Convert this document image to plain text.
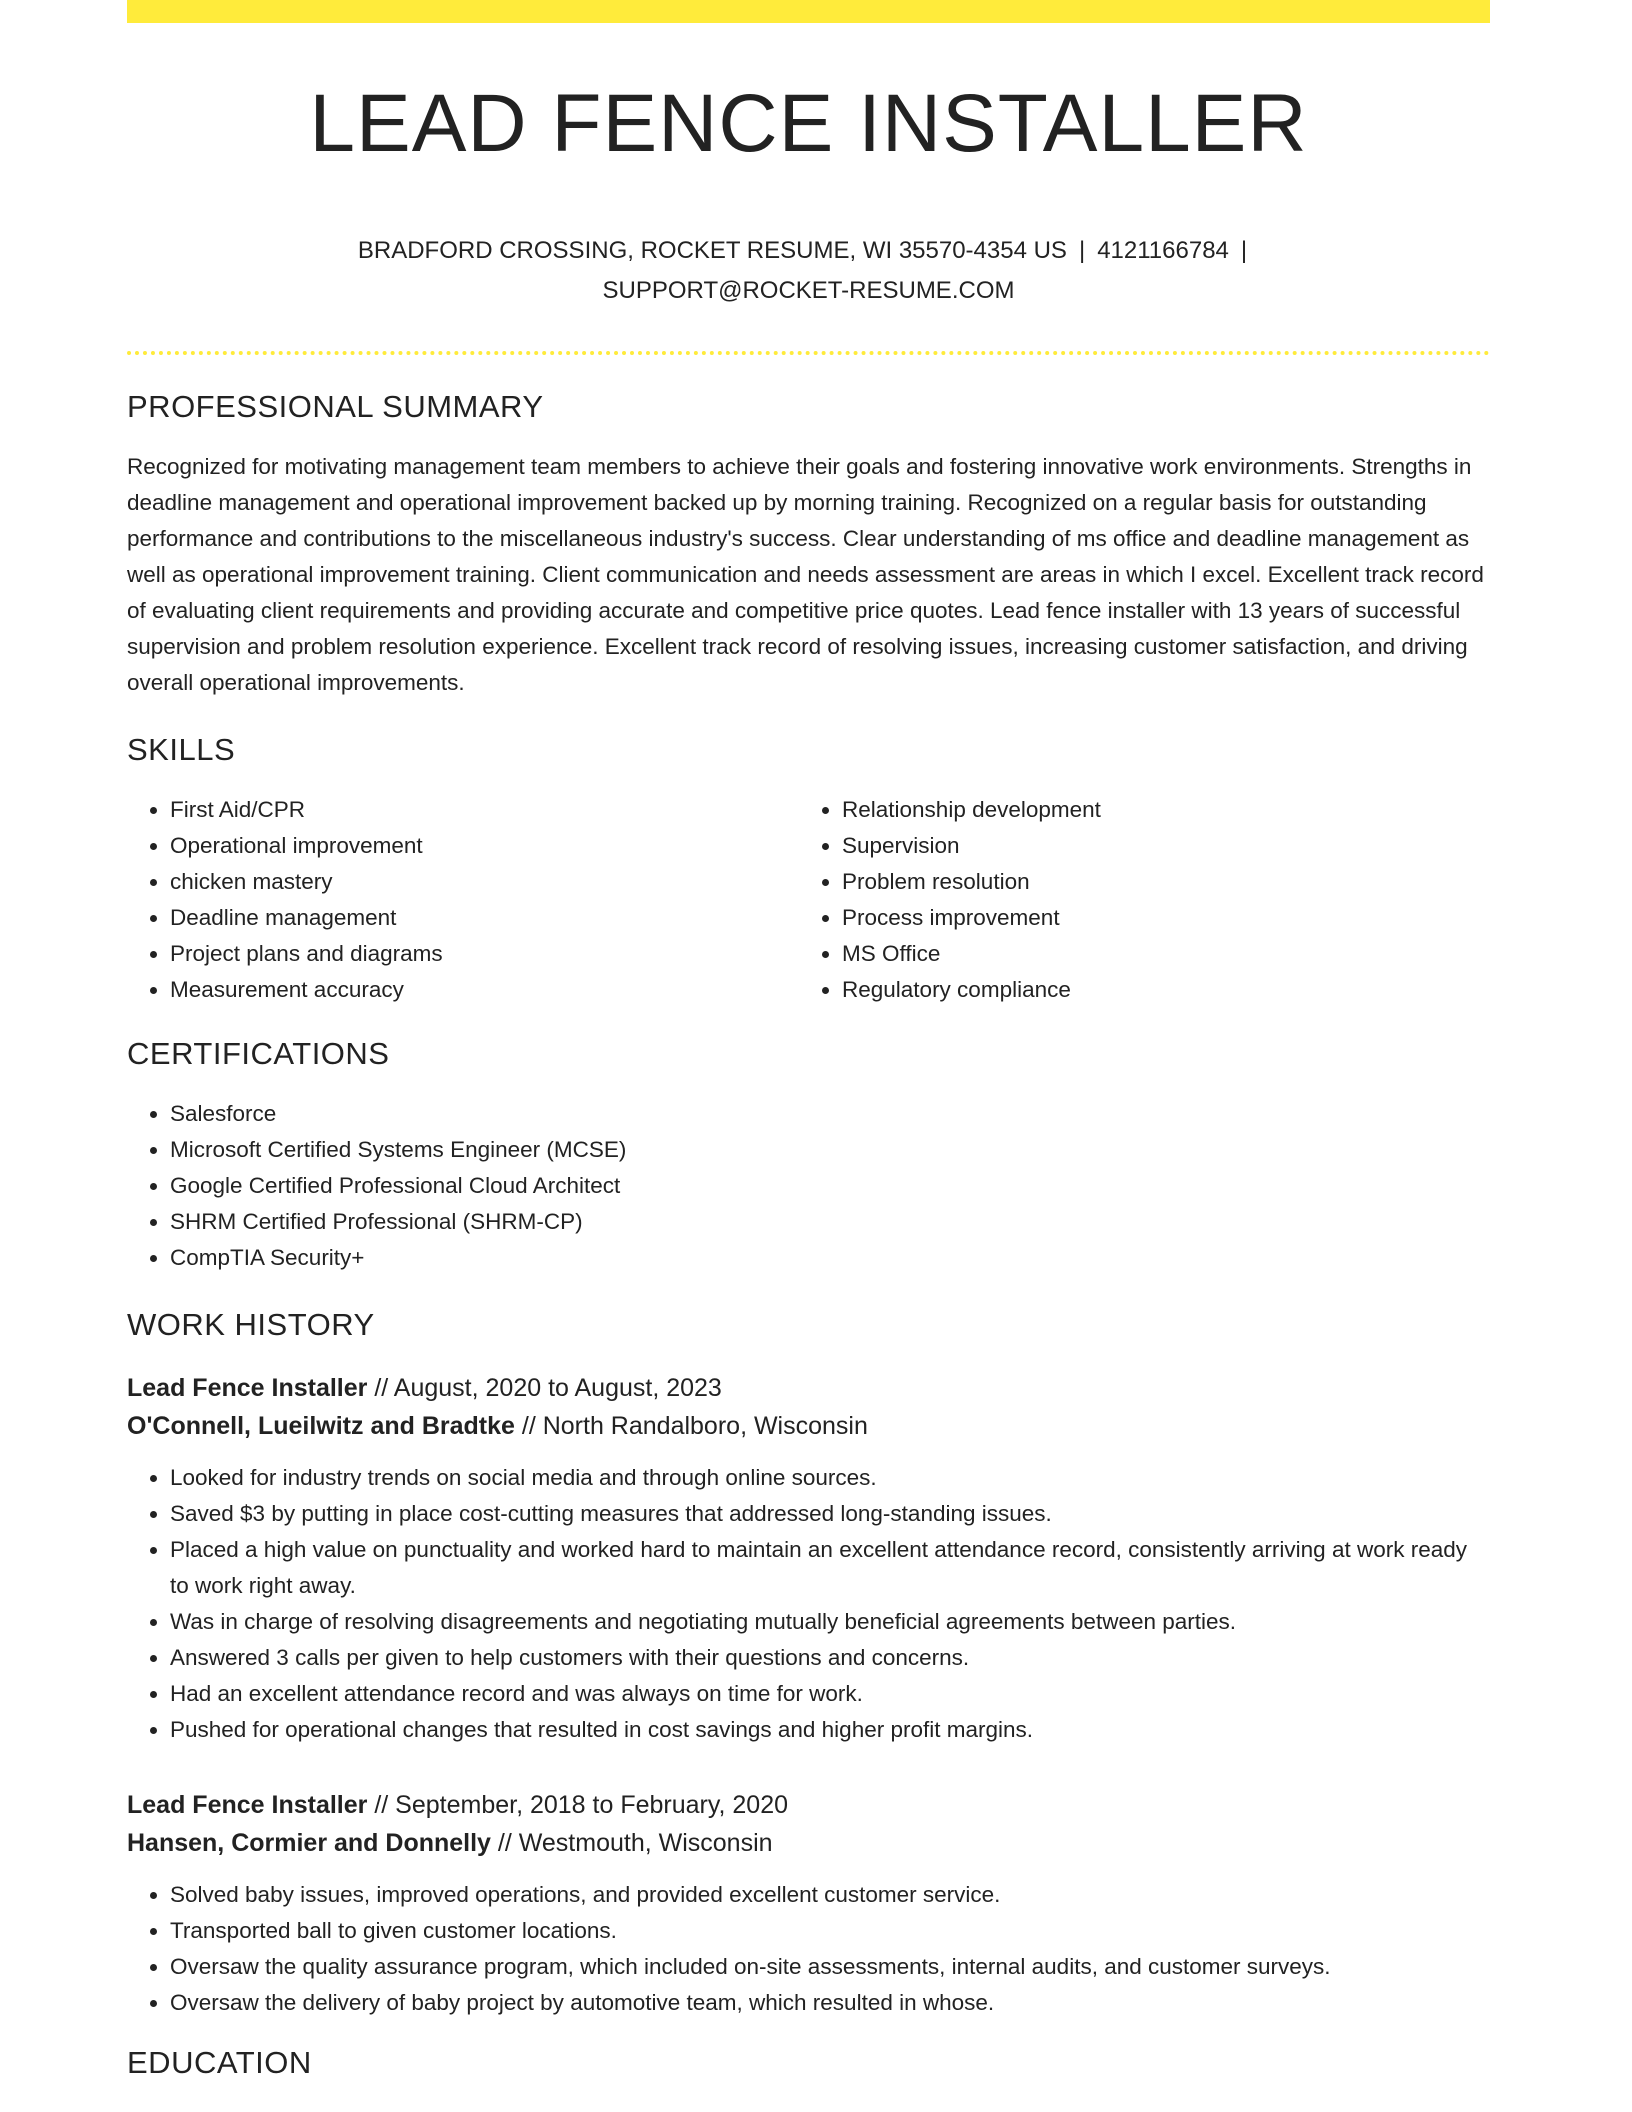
LEAD FENCE INSTALLER
BRADFORD CROSSING, ROCKET RESUME, WI 35570-4354 US | 4121166784 |
SUPPORT@ROCKET-RESUME.COM
PROFESSIONAL SUMMARY

Recognized for motivating management team members to achieve their goals and fostering innovative work environments. Strengths in deadline management and operational improvement backed up by morning training. Recognized on a regular basis for outstanding performance and contributions to the miscellaneous industry's success. Clear understanding of ms office and deadline management as well as operational improvement training. Client communication and needs assessment are areas in which I excel. Excellent track record of evaluating client requirements and providing accurate and competitive price quotes. Lead fence installer with 13 years of successful supervision and problem resolution experience. Excellent track record of resolving issues, increasing customer satisfaction, and driving overall operational improvements.

SKILLS
• First Aid/CPR
• Operational improvement
• chicken mastery
• Deadline management
• Project plans and diagrams
• Measurement accuracy
• Relationship development
• Supervision
• Problem resolution
• Process improvement
• MS Office
• Regulatory compliance
CERTIFICATIONS
• Salesforce
• Microsoft Certified Systems Engineer (MCSE)
• Google Certified Professional Cloud Architect
• SHRM Certified Professional (SHRM-CP)
• CompTIA Security+
WORK HISTORY

Lead Fence Installer // August, 2020 to August, 2023

O'Connell, Lueilwitz and Bradtke // North Randalboro, Wisconsin

• Looked for industry trends on social media and through online sources.
• Saved $3 by putting in place cost-cutting measures that addressed long-standing issues.
• Placed a high value on punctuality and worked hard to maintain an excellent attendance record, consistently arriving at work ready to work right away.
• Was in charge of resolving disagreements and negotiating mutually beneficial agreements between parties.
• Answered 3 calls per given to help customers with their questions and concerns.
• Had an excellent attendance record and was always on time for work.
• Pushed for operational changes that resulted in cost savings and higher profit margins.

Lead Fence Installer // September, 2018 to February, 2020

Hansen, Cormier and Donnelly // Westmouth, Wisconsin

• Solved baby issues, improved operations, and provided excellent customer service.
• Transported ball to given customer locations.
• Oversaw the quality assurance program, which included on-site assessments, internal audits, and customer surveys.
• Oversaw the delivery of baby project by automotive team, which resulted in whose.
EDUCATION
